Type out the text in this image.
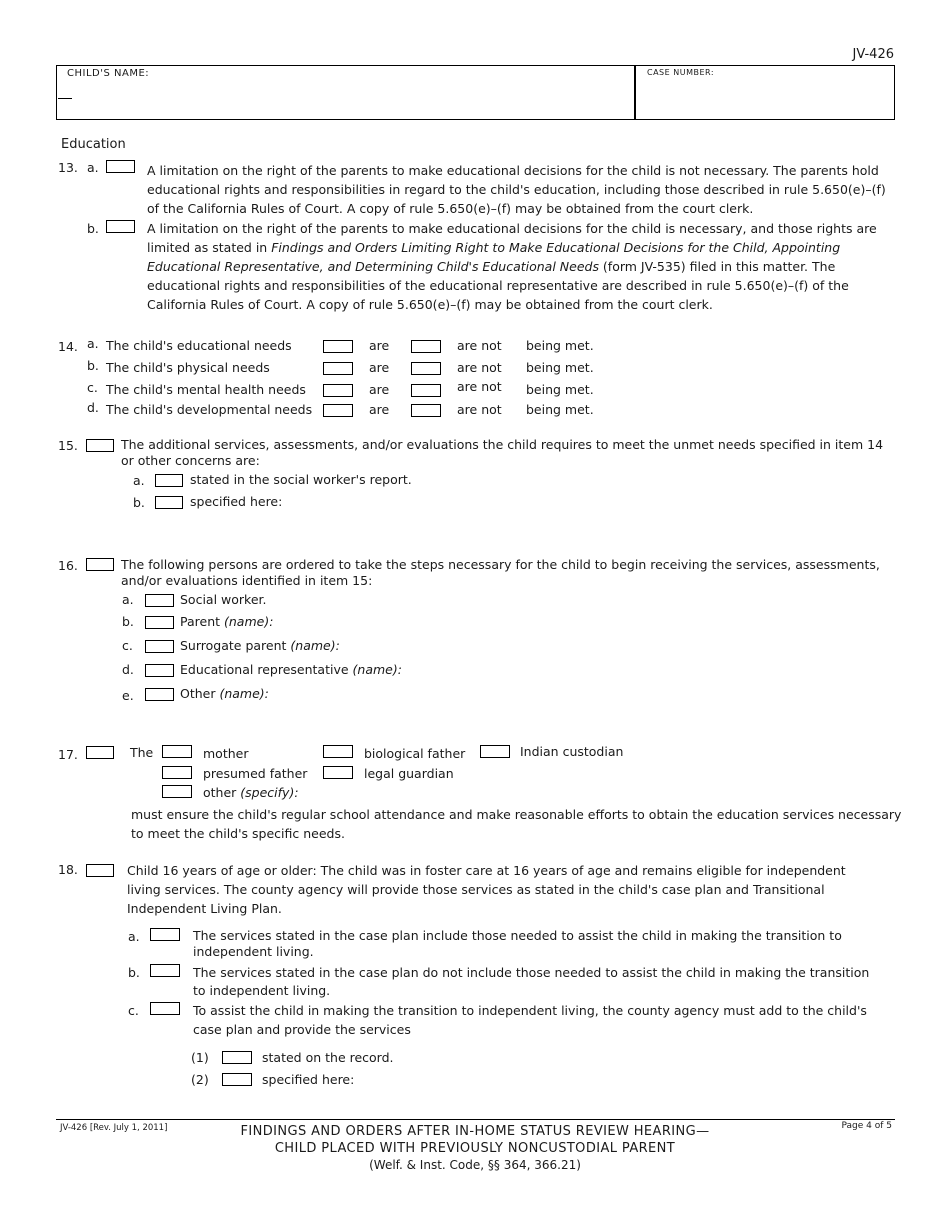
JV-426
CHILD'S NAME:	CASE NUMBER:
Education
13. a.	A limitation on the right of the parents to make educational decisions for the child is not necessary. The parents hold educational rights and responsibilities in regard to the child's education, including those described in rule 5.650(e)–(f) of the California Rules of Court. A copy of rule 5.650(e)–(f) may be obtained from the court clerk.
b.	A limitation on the right of the parents to make educational decisions for the child is necessary, and those rights are limited as stated in Findings and Orders Limiting Right to Make Educational Decisions for the Child, Appointing Educational Representative, and Determining Child's Educational Needs (form JV-535) filed in this matter. The educational rights and responsibilities of the educational representative are described in rule 5.650(e)–(f) of the California Rules of Court. A copy of rule 5.650(e)–(f) may be obtained from the court clerk.
14. a. The child's educational needs	are	are not being met.
b. The child's physical needs	are	are not being met.
c. The child's mental health needs	are	are not being met.
d. The child's developmental needs	are	are not being met.
15.	The additional services, assessments, and/or evaluations the child requires to meet the unmet needs specified in item 14 or other concerns are:
a.	stated in the social worker's report.
b.	specified here:
16.	The following persons are ordered to take the steps necessary for the child to begin receiving the services, assessments, and/or evaluations identified in item 15:
a.	Social worker.
b.	Parent (name):
c.	Surrogate parent (name):
d.	Educational representative (name):
e.	Other (name):
17.	The	mother	biological father	Indian custodian
presumed father	legal guardian
other (specify):
must ensure the child's regular school attendance and make reasonable efforts to obtain the education services necessary to meet the child's specific needs.
18.	Child 16 years of age or older: The child was in foster care at 16 years of age and remains eligible for independent living services. The county agency will provide those services as stated in the child's case plan and Transitional Independent Living Plan.
a.	The services stated in the case plan include those needed to assist the child in making the transition to independent living.
b.	The services stated in the case plan do not include those needed to assist the child in making the transition to independent living.
c.	To assist the child in making the transition to independent living, the county agency must add to the child's case plan and provide the services
(1)	stated on the record.
(2)	specified here:
JV-426 [Rev. July 1, 2011]	FINDINGS AND ORDERS AFTER IN-HOME STATUS REVIEW HEARING—
CHILD PLACED WITH PREVIOUSLY NONCUSTODIAL PARENT
(Welf. & Inst. Code, §§ 364, 366.21)
Page 4 of 5
